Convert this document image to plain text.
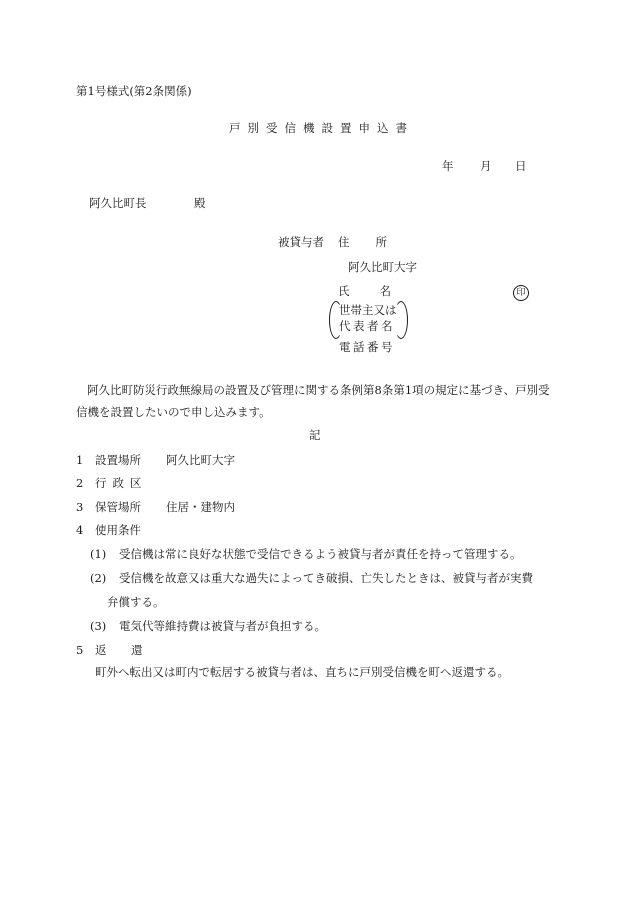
第1号様式(第2条関係)
戸別受信機設置申込書
年 月 日
阿久比町長	殿
被貸与者 住所
阿久比町大字
氏名	印
世帯主又は
代表者名
電話番号

阿久比町防災行政無線局の設置及び管理に関する条例第8条第1項の規定に基づき、戸別受信機を設置したいので申し込みます。

記
1 設置場所 阿久比町大字
2 行政区
3 保管場所 住居・建物内
4 使用条件
(1) 受信機は常に良好な状態で受信できるよう被貸与者が責任を持って管理する。
(2) 受信機を故意又は重大な過失によってき破損、亡失したときは、被貸与者が実費
弁償する。
(3) 電気代等維持費は被貸与者が負担する。
5 返 還
町外へ転出又は町内で転居する被貸与者は、直ちに戸別受信機を町へ返還する。
